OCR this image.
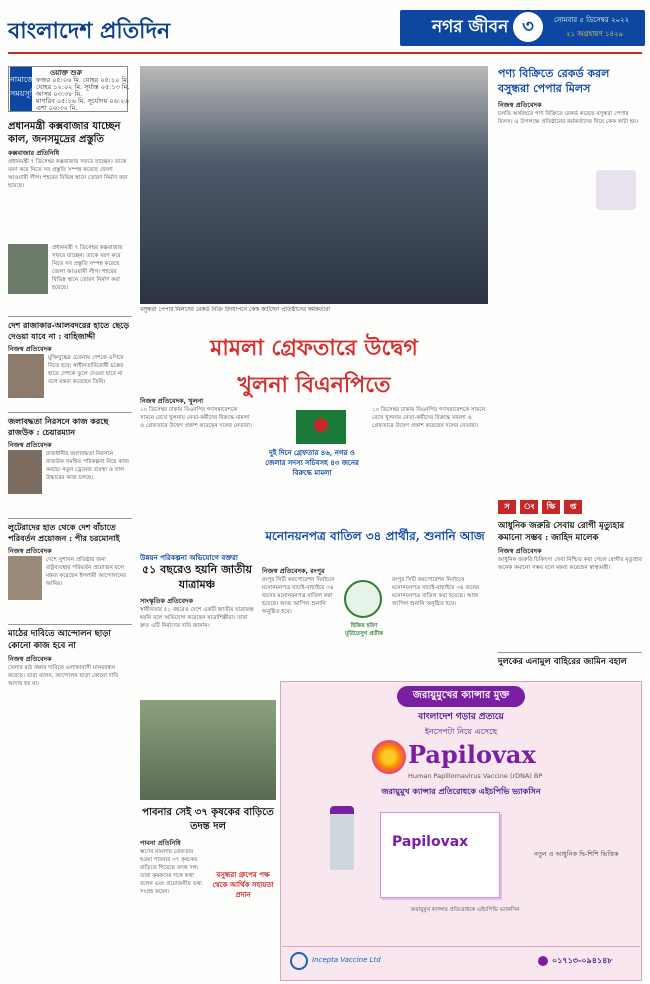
বাংলাদেশ প্রতিদিন	নগর জীবন ৩	সোমবার ৫ ডিসেম্বর ২০২২
২১ অগ্রহায়ণ ১৪২৯
নামাজের সময়সূচি
ওয়াক্ত শুরু
ফজর ০৫:০৬ মি. যোহর ০৫:১০ মি.
যোহর ১২:০২ মি. সূর্যাস্ত ০৫:১৩ মি.
আসর ০৩:৩৮ মি.
মাগরিব ০৫:১৬ মি. সূর্যোদয় ০৬:২৬
এশা ০৬:৩২ মি.
প্রধানমন্ত্রী কক্সবাজার যাচ্ছেন কাল, জনসমুদ্রের প্রস্তুতি
কক্সবাজার প্রতিনিধি
প্রধানমন্ত্রী ৭ ডিসেম্বর কক্সবাজার সফরে যাচ্ছেন। তাকে বরণ করে নিতে সব প্রস্তুতি সম্পন্ন করেছে জেলা আওয়ামী লীগ। শহরের বিভিন্ন স্থানে তোরণ নির্মাণ করা হয়েছে।
প্রধানমন্ত্রী ৭ ডিসেম্বর কক্সবাজার সফরে যাচ্ছেন। তাকে বরণ করে নিতে সব প্রস্তুতি সম্পন্ন করেছে জেলা আওয়ামী লীগ। শহরের বিভিন্ন স্থানে তোরণ নির্মাণ করা হয়েছে।
দেশ রাজাকার-আলবদরের হাতে ছেড়ে দেওয়া যাবে না : বাহিজাদ্দী
নিজস্ব প্রতিবেদক
মুক্তিযুদ্ধের চেতনায় দেশকে এগিয়ে নিতে হবে। স্বাধীনতাবিরোধী চক্রের হাতে দেশকে তুলে দেওয়া যাবে না বলে মন্তব্য করেছেন তিনি।
জলাবদ্ধতা নিরসনে কাজ করছে রাজউক : চেয়ারম্যান
নিজস্ব প্রতিবেদক
রাজধানীর জলাবদ্ধতা নিরসনে রাজউক সমন্বিত পরিকল্পনা নিয়ে কাজ করছে। নতুন ড্রেনেজ ব্যবস্থা ও খাল উদ্ধারের কাজ চলছে।
লুটেরাদের হাত থেকে দেশ বাঁচাতে পরিবর্তন প্রয়োজন : পীর চরমোনাই
নিজস্ব প্রতিবেদক
দেশে সুশাসন প্রতিষ্ঠার জন্য রাষ্ট্রব্যবস্থার পরিবর্তন প্রয়োজন বলে মন্তব্য করেছেন ইসলামী আন্দোলনের আমির।
মাঠের দাবিতে আন্দোলন ছাড়া কোনো কাজ হবে না
নিজস্ব প্রতিবেদক
খেলার মাঠ রক্ষার দাবিতে এলাকাবাসী মানববন্ধন করেছে। তারা বলেন, আন্দোলন ছাড়া কোনো দাবি আদায় হয় না।
বসুন্ধরা পেপার মিলসের রেকর্ড বিক্রি উদযাপনে কেক কাটছেন প্রতিষ্ঠানের কর্মকর্তারা
পণ্য বিক্রিতে রেকর্ড করল বসুন্ধরা পেপার মিলস
নিজস্ব প্রতিবেদক
চলতি অর্থবছরে পণ্য বিক্রিতে রেকর্ড করেছে বসুন্ধরা পেপার মিলস। এ উপলক্ষে প্রতিষ্ঠানের কর্মকর্তাদের নিয়ে কেক কাটা হয়।
মামলা গ্রেফতারে উদ্বেগ
খুলনা বিএনপিতে
নিজস্ব প্রতিবেদক, খুলনা
১০ ডিসেম্বর ঢাকায় বিএনপির গণসমাবেশকে সামনে রেখে খুলনায় নেতা-কর্মীদের বিরুদ্ধে মামলা ও গ্রেফতারে উদ্বেগ প্রকাশ করেছেন দলের নেতারা।
দুই দিনে গ্রেফতার ৪৬, নগর ও জেলার সদস্য সচিবসহ ৪৩ জনের বিরুদ্ধে মামলা
১০ ডিসেম্বর ঢাকায় বিএনপির গণসমাবেশকে সামনে রেখে খুলনায় নেতা-কর্মীদের বিরুদ্ধে মামলা ও গ্রেফতারে উদ্বেগ প্রকাশ করেছেন দলের নেতারা।
উন্নয়ন পরিকল্পনা অভিযোগে বক্তরা
৫১ বছরেও হয়নি জাতীয় যাত্রামঞ্চ
সাংস্কৃতিক প্রতিবেদক
স্বাধীনতার ৫১ বছরেও দেশে একটি জাতীয় যাত্রামঞ্চ হয়নি বলে অভিযোগ করেছেন যাত্রাশিল্পীরা। তারা দ্রুত এটি নির্মাণের দাবি জানান।
মনোনয়নপত্র বাতিল ৩৪ প্রার্থীর, শুনানি আজ
নিজস্ব প্রতিবেদক, রংপুর
রংপুর সিটি করপোরেশন নির্বাচনে মনোনয়নপত্র যাচাই-বাছাইয়ে ৩৪ জনের মনোনয়নপত্র বাতিল করা হয়েছে। আজ আপিল শুনানি অনুষ্ঠিত হবে।
হিজির হরিণ মূর্তিতেসুগ প্রতীক
রংপুর সিটি করপোরেশন নির্বাচনে মনোনয়নপত্র যাচাই-বাছাইয়ে ৩৪ জনের মনোনয়নপত্র বাতিল করা হয়েছে। আজ আপিল শুনানি অনুষ্ঠিত হবে।
পাবনার সেই ৩৭ কৃষকের বাড়িতে তদন্ত দল
পাবনা প্রতিনিধি
ঋণের মামলায় গ্রেফতার হওয়া পাবনার ৩৭ কৃষকের বাড়িতে গিয়েছে তদন্ত দল। তারা কৃষকদের সঙ্গে কথা বলেন এবং প্রয়োজনীয় তথ্য সংগ্রহ করেন।
বসুন্ধরা গ্রুপের পক্ষ থেকে আর্থিক সহায়তা প্রদান
স	ং	ক্ষি	প্ত
আধুনিক জরুরি সেবায় রোগী মৃত্যুহার কমানো সম্ভব : জাহিদ মালেক
নিজস্ব প্রতিবেদক
আধুনিক জরুরি চিকিৎসা সেবা নিশ্চিত করা গেলে রোগীর মৃত্যুহার অনেক কমানো সম্ভব বলে মন্তব্য করেছেন স্বাস্থ্যমন্ত্রী।
দুলকের এনামুল বাহিরের জামিন বহাল
জরায়ুমুখের ক্যান্সার মুক্ত
বাংলাদেশ গড়ার প্রত্যয়ে
ইনসেপটা নিয়ে এসেছে
Papilovax
Human Papillomavirus Vaccine (rDNA) BP
জরায়ুমুখ ক্যান্সার প্রতিরোধকে এইচপিভি ভ্যাকসিন
Papilovax
নতুন ও আধুনিক দ্বি-শিশি ভিত্তিক
জরায়ুমুখ ক্যান্সার প্রতিরোধকে এইচপিভি ভ্যাকসিন
Incepta Vaccine Ltd	০১৭১৩-০৯৪১৪৮
